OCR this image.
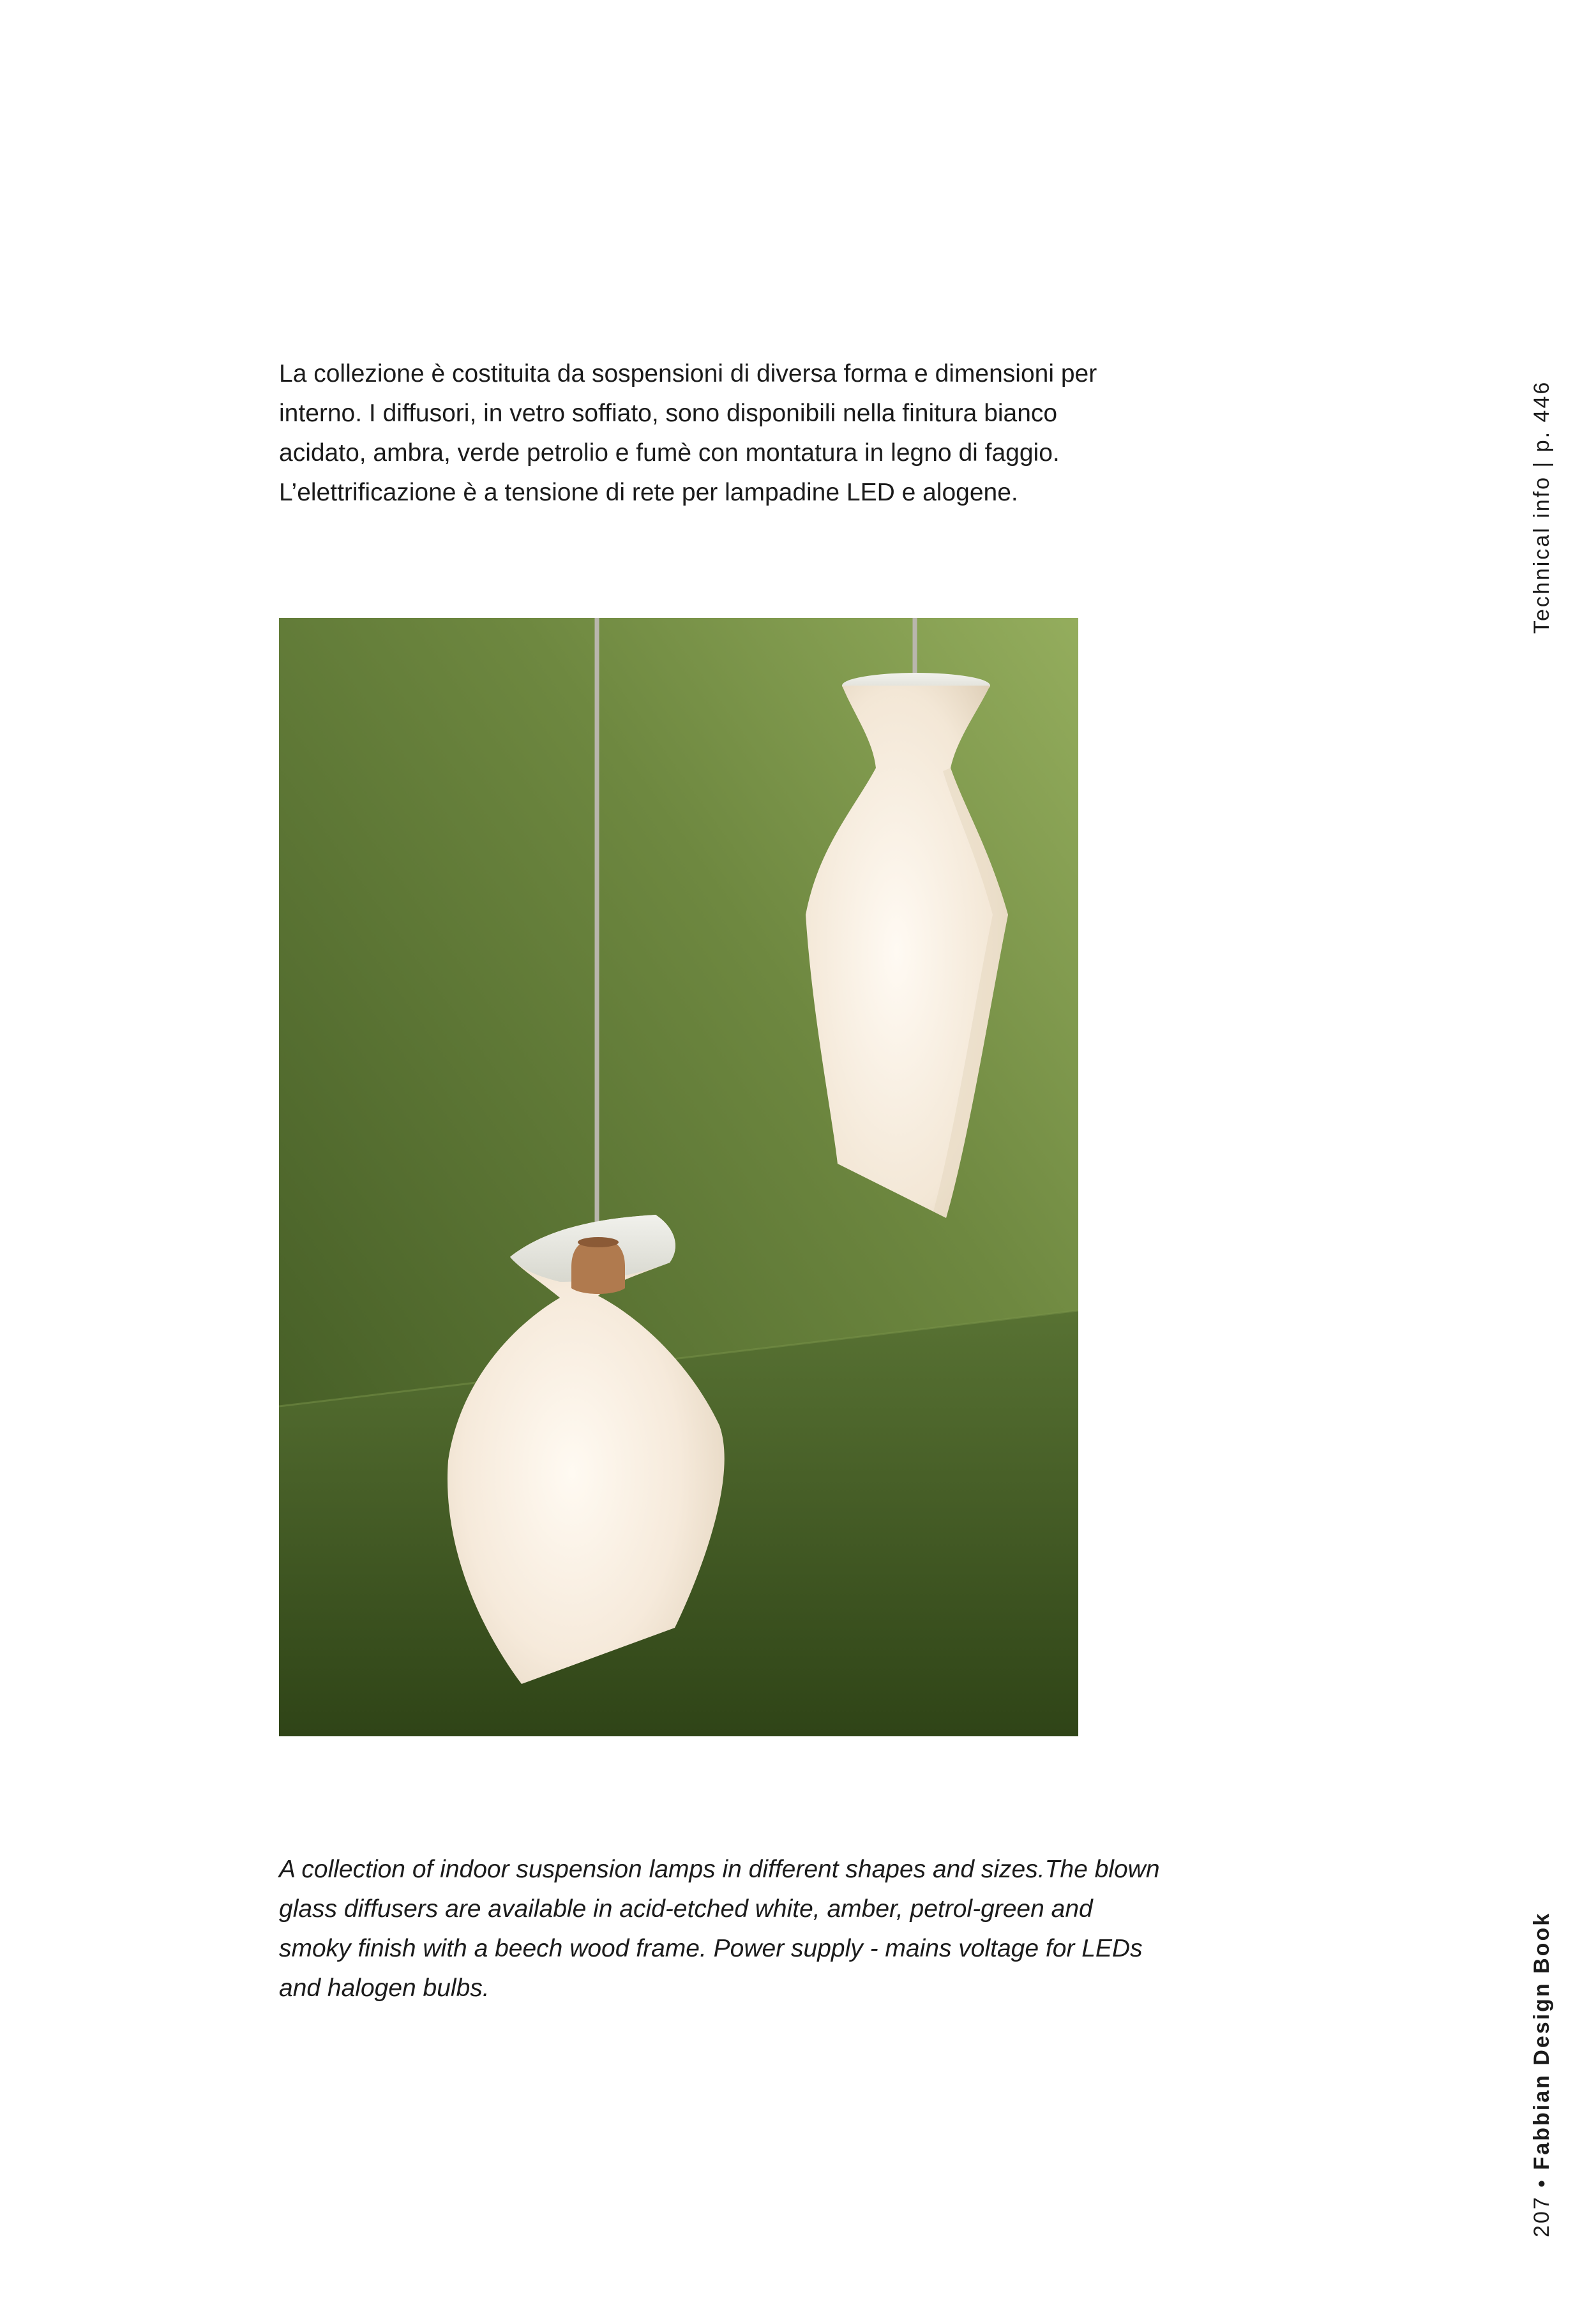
La collezione è costituita da sospensioni di diversa forma e dimensioni per
interno. I diffusori, in vetro soffiato, sono disponibili nella finitura bianco
acidato, ambra, verde petrolio e fumè con montatura in legno di faggio.
L’elettrificazione è a tensione di rete per lampadine LED e alogene.
A collection of indoor suspension lamps in different shapes and sizes.The blown
glass diffusers are available in acid-etched white, amber, petrol-green and
smoky finish with a beech wood frame. Power supply - mains voltage for LEDs
and halogen bulbs.
Technical info | p. 446
207 • Fabbian Design Book
